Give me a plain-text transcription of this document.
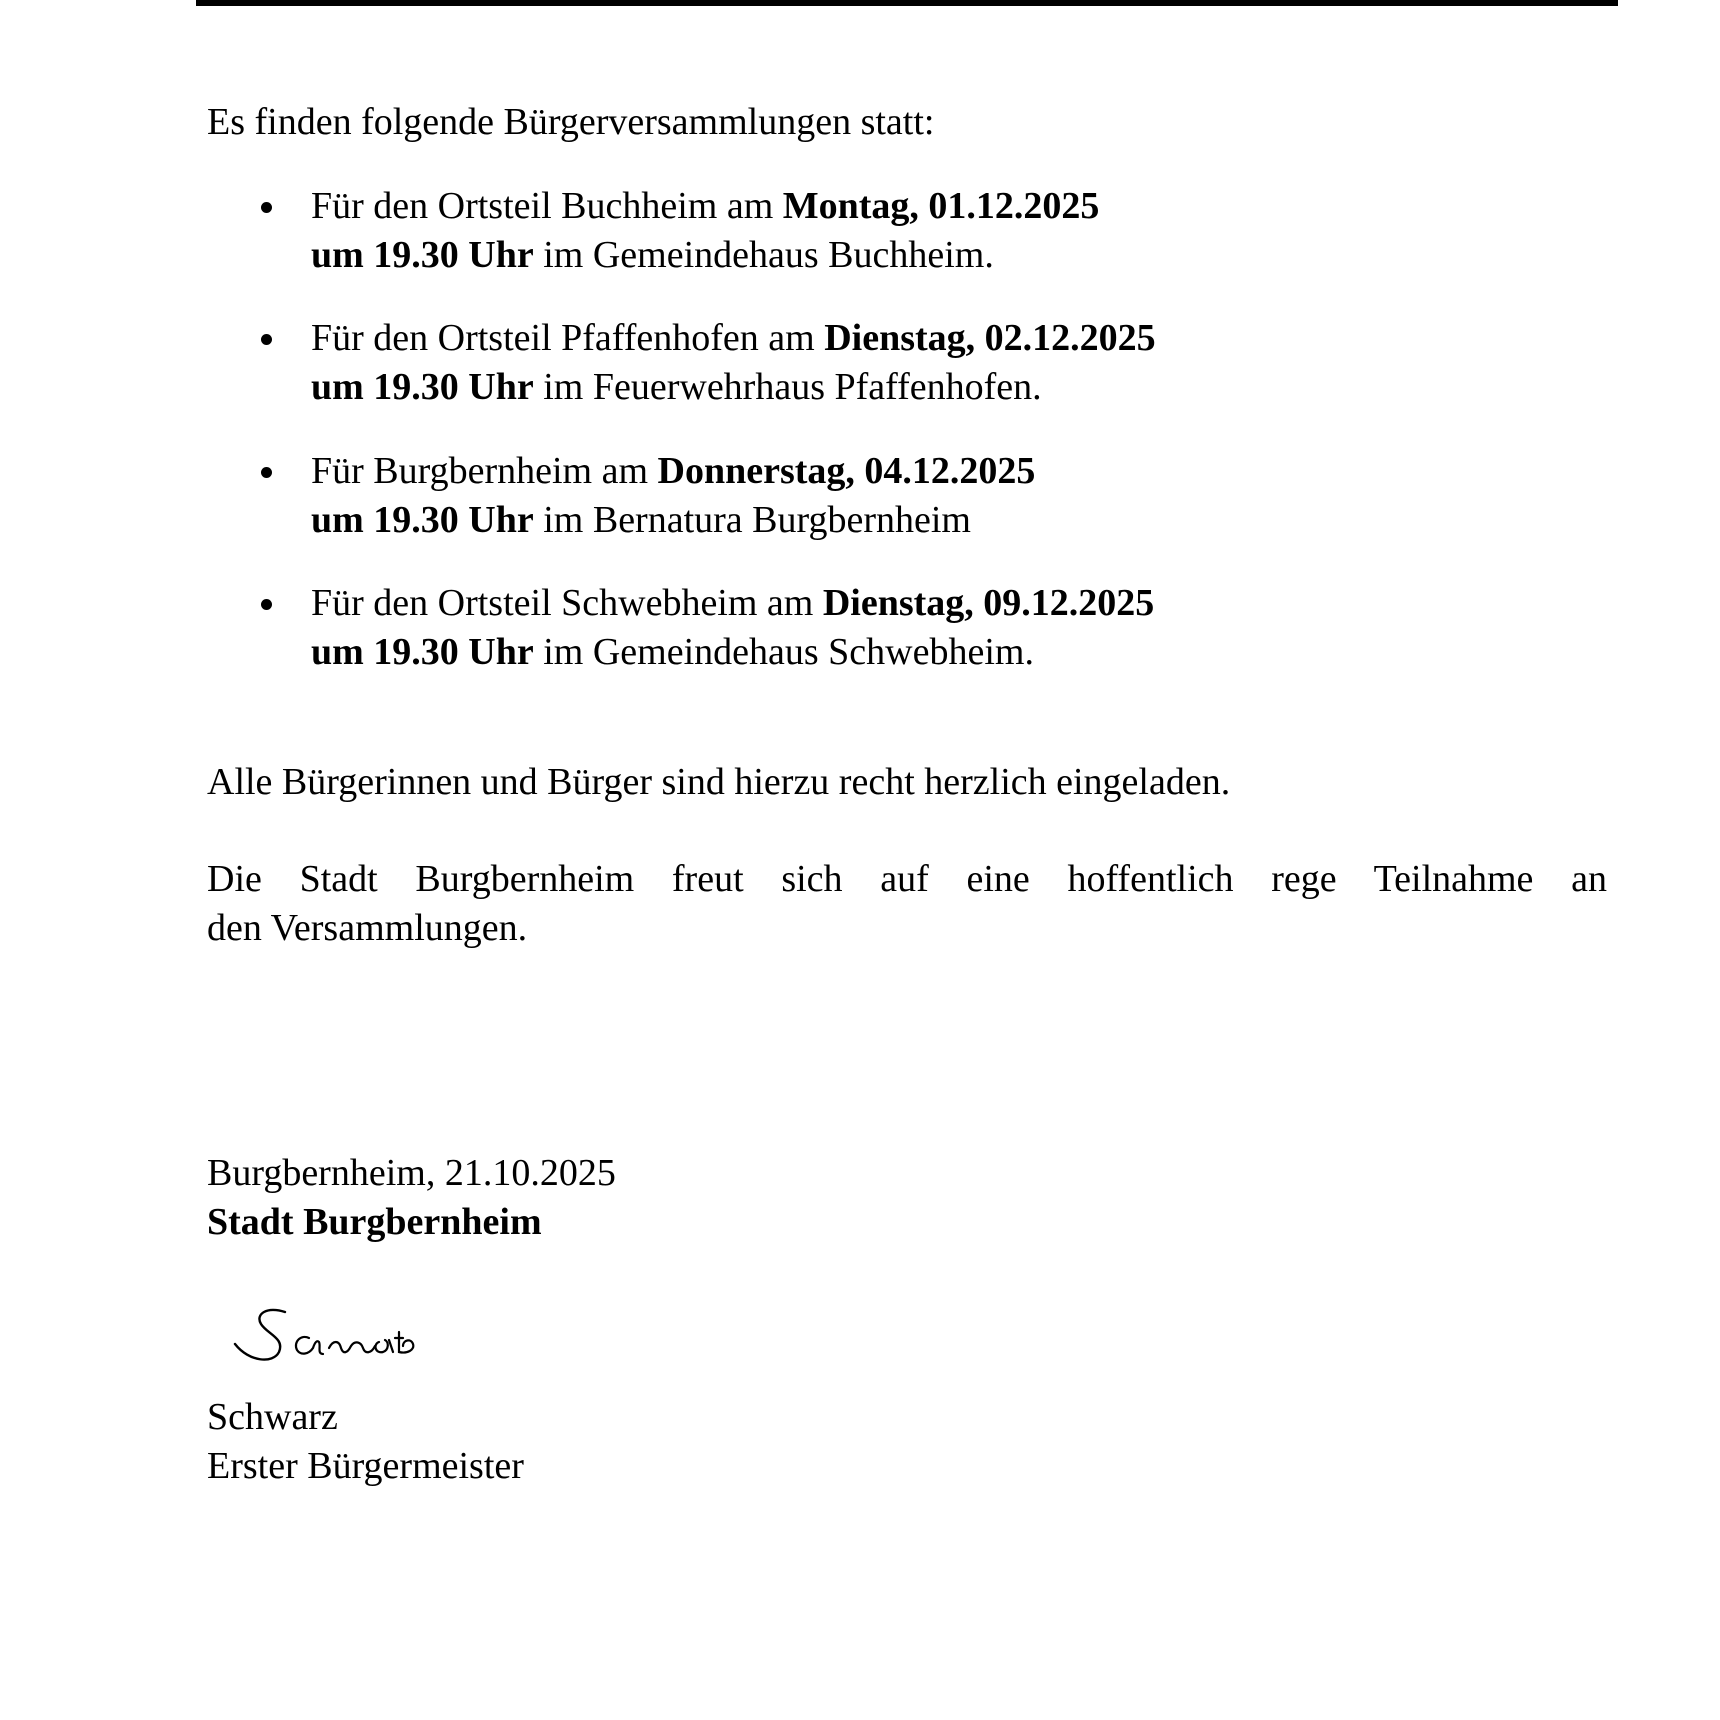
Es finden folgende Bürgerversammlungen statt:

Für den Ortsteil Buchheim am Montag, 01.12.2025
um 19.30 Uhr im Gemeindehaus Buchheim.
Für den Ortsteil Pfaffenhofen am Dienstag, 02.12.2025
um 19.30 Uhr im Feuerwehrhaus Pfaffenhofen.
Für Burgbernheim am Donnerstag, 04.12.2025
um 19.30 Uhr im Bernatura Burgbernheim
Für den Ortsteil Schwebheim am Dienstag, 09.12.2025
um 19.30 Uhr im Gemeindehaus Schwebheim.

Alle Bürgerinnen und Bürger sind hierzu recht herzlich eingeladen.

Die Stadt Burgbernheim freut sich auf eine hoffentlich rege Teilnahme an
den Versammlungen.

Burgbernheim, 21.10.2025

Stadt Burgbernheim

Schwarz

Erster Bürgermeister
